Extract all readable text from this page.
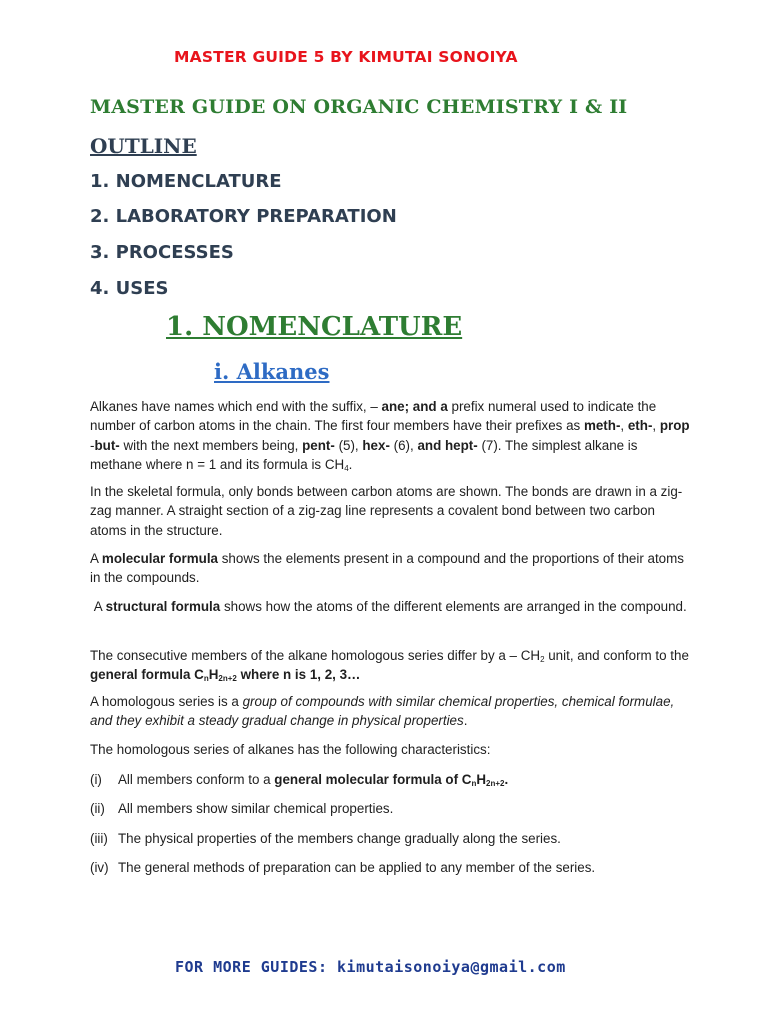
MASTER GUIDE 5 BY KIMUTAI SONOIYA
MASTER GUIDE ON ORGANIC CHEMISTRY I & II
OUTLINE
1. NOMENCLATURE
2. LABORATORY PREPARATION
3. PROCESSES
4. USES
1. NOMENCLATURE
i. Alkanes

Alkanes have names which end with the suffix, – ane; and a prefix numeral used to indicate the number of carbon atoms in the chain. The first four members have their prefixes as meth-, eth-, prop -but- with the next members being, pent- (5), hex- (6), and hept- (7). The simplest alkane is methane where n = 1 and its formula is $CH_4$.

In the skeletal formula, only bonds between carbon atoms are shown. The bonds are drawn in a zig-zag manner. A straight section of a zig-zag line represents a covalent bond between two carbon atoms in the structure.

A molecular formula shows the elements present in a compound and the proportions of their atoms in the compounds.

A structural formula shows how the atoms of the different elements are arranged in the compound.

The consecutive members of the alkane homologous series differ by a – $CH_2$ unit, and conform to the general formula $C_nH_{2n+2}$ where n is 1, 2, 3…

A homologous series is a group of compounds with similar chemical properties, chemical formulae, and they exhibit a steady gradual change in physical properties.

The homologous series of alkanes has the following characteristics:

(i) All members conform to a general molecular formula of $C_nH_{2n+2}$.
(ii) All members show similar chemical properties.
(iii) The physical properties of the members change gradually along the series.
(iv) The general methods of preparation can be applied to any member of the series.
FOR MORE GUIDES: kimutaisonoiya@gmail.com
